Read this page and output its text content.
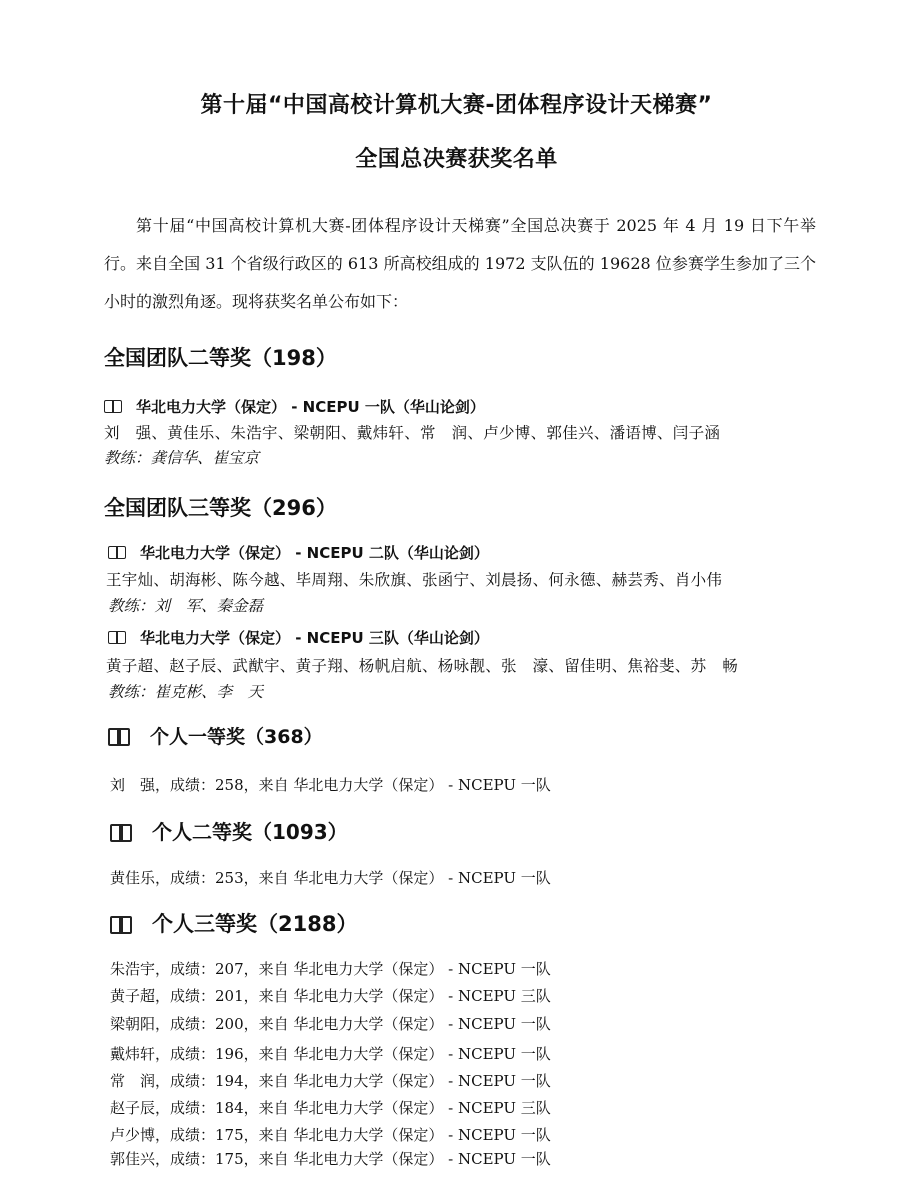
第十届“中国高校计算机大赛-团体程序设计天梯赛”
全国总决赛获奖名单
第十届“中国高校计算机大赛-团体程序设计天梯赛”全国总决赛于 2025 年 4 月 19 日下午举行。来自全国 31 个省级行政区的 613 所高校组成的 1972 支队伍的 19628 位参赛学生参加了三个小时的激烈角逐。现将获奖名单公布如下：
全国团队二等奖（198）
华北电力大学（保定） - NCEPU 一队（华山论剑）
刘　强、黄佳乐、朱浩宇、梁朝阳、戴炜轩、常　润、卢少博、郭佳兴、潘语博、闫子涵
教练：龚信华、崔宝京
全国团队三等奖（296）
华北电力大学（保定） - NCEPU 二队（华山论剑）
王宇灿、胡海彬、陈今越、毕周翔、朱欣旗、张函宁、刘晨扬、何永德、赫芸秀、肖小伟
教练：刘　军、秦金磊
华北电力大学（保定） - NCEPU 三队（华山论剑）
黄子超、赵子辰、武猷宇、黄子翔、杨帆启航、杨咏靓、张　濠、留佳明、焦裕斐、苏　畅
教练：崔克彬、李　天
个人一等奖（368）
刘　强，成绩：258，来自 华北电力大学（保定） - NCEPU 一队
个人二等奖（1093）
黄佳乐，成绩：253，来自 华北电力大学（保定） - NCEPU 一队
个人三等奖（2188）
朱浩宇，成绩：207，来自 华北电力大学（保定） - NCEPU 一队
黄子超，成绩：201，来自 华北电力大学（保定） - NCEPU 三队
梁朝阳，成绩：200，来自 华北电力大学（保定） - NCEPU 一队
戴炜轩，成绩：196，来自 华北电力大学（保定） - NCEPU 一队
常　润，成绩：194，来自 华北电力大学（保定） - NCEPU 一队
赵子辰，成绩：184，来自 华北电力大学（保定） - NCEPU 三队
卢少博，成绩：175，来自 华北电力大学（保定） - NCEPU 一队
郭佳兴，成绩：175，来自 华北电力大学（保定） - NCEPU 一队
